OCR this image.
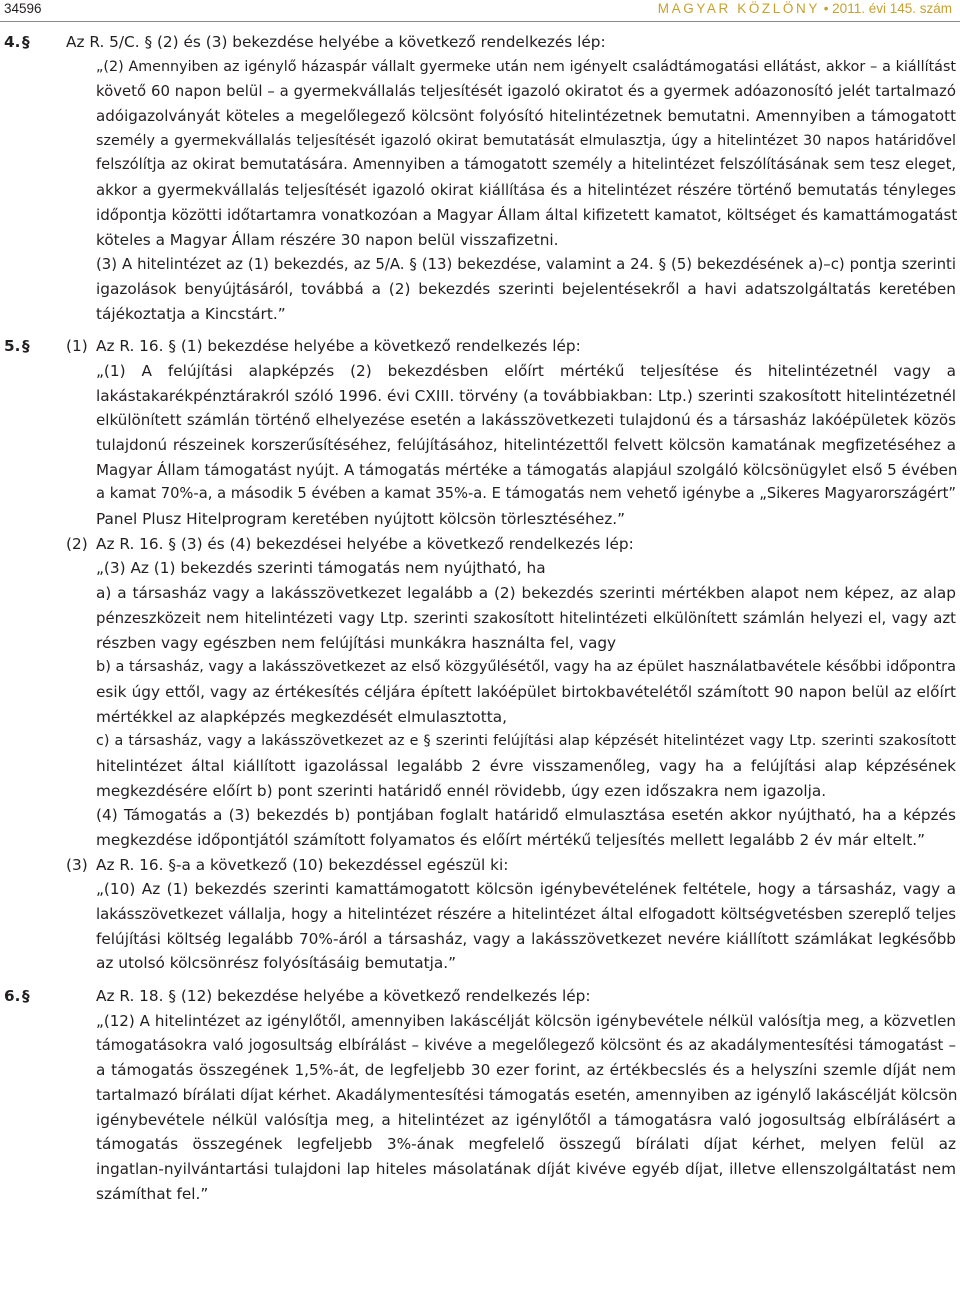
34596	MAGYAR KÖZLÖNY • 2011. évi 145. szám
4. § Az R. 5/C. § (2) és (3) bekezdése helyébe a következő rendelkezés lép:
„(2) Amennyiben az igénylő házaspár vállalt gyermeke után nem igényelt családtámogatási ellátást, akkor – a kiállítást
követő 60 napon belül – a gyermekvállalás teljesítését igazoló okiratot és a gyermek adóazonosító jelét tartalmazó
adóigazolványát köteles a megelőlegező kölcsönt folyósító hitelintézetnek bemutatni. Amennyiben a támogatott
személy a gyermekvállalás teljesítését igazoló okirat bemutatását elmulasztja, úgy a hitelintézet 30 napos határidővel
felszólítja az okirat bemutatására. Amennyiben a támogatott személy a hitelintézet felszólításának sem tesz eleget,
akkor a gyermekvállalás teljesítését igazoló okirat kiállítása és a hitelintézet részére történő bemutatás tényleges
időpontja közötti időtartamra vonatkozóan a Magyar Állam által kifizetett kamatot, költséget és kamattámogatást
köteles a Magyar Állam részére 30 napon belül visszafizetni.
(3) A hitelintézet az (1) bekezdés, az 5/A. § (13) bekezdése, valamint a 24. § (5) bekezdésének a)–c) pontja szerinti
igazolások benyújtásáról, továbbá a (2) bekezdés szerinti bejelentésekről a havi adatszolgáltatás keretében
tájékoztatja a Kincstárt.”
5. § (1) Az R. 16. § (1) bekezdése helyébe a következő rendelkezés lép:
„(1) A felújítási alapképzés (2) bekezdésben előírt mértékű teljesítése és hitelintézetnél vagy a
lakástakarékpénztárakról szóló 1996. évi CXIII. törvény (a továbbiakban: Ltp.) szerinti szakosított hitelintézetnél
elkülönített számlán történő elhelyezése esetén a lakásszövetkezeti tulajdonú és a társasház lakóépületek közös
tulajdonú részeinek korszerűsítéséhez, felújításához, hitelintézettől felvett kölcsön kamatának megfizetéséhez a
Magyar Állam támogatást nyújt. A támogatás mértéke a támogatás alapjául szolgáló kölcsönügylet első 5 évében
a kamat 70%-a, a második 5 évében a kamat 35%-a. E támogatás nem vehető igénybe a „Sikeres Magyarországért”
Panel Plusz Hitelprogram keretében nyújtott kölcsön törlesztéséhez.”
(2) Az R. 16. § (3) és (4) bekezdései helyébe a következő rendelkezés lép:
„(3) Az (1) bekezdés szerinti támogatás nem nyújtható, ha
a) a társasház vagy a lakásszövetkezet legalább a (2) bekezdés szerinti mértékben alapot nem képez, az alap
pénzeszközeit nem hitelintézeti vagy Ltp. szerinti szakosított hitelintézeti elkülönített számlán helyezi el, vagy azt
részben vagy egészben nem felújítási munkákra használta fel, vagy
b) a társasház, vagy a lakásszövetkezet az első közgyűlésétől, vagy ha az épület használatbavétele későbbi időpontra
esik úgy ettől, vagy az értékesítés céljára épített lakóépület birtokbavételétől számított 90 napon belül az előírt
mértékkel az alapképzés megkezdését elmulasztotta,
c) a társasház, vagy a lakásszövetkezet az e § szerinti felújítási alap képzését hitelintézet vagy Ltp. szerinti szakosított
hitelintézet által kiállított igazolással legalább 2 évre visszamenőleg, vagy ha a felújítási alap képzésének
megkezdésére előírt b) pont szerinti határidő ennél rövidebb, úgy ezen időszakra nem igazolja.
(4) Támogatás a (3) bekezdés b) pontjában foglalt határidő elmulasztása esetén akkor nyújtható, ha a képzés
megkezdése időpontjától számított folyamatos és előírt mértékű teljesítés mellett legalább 2 év már eltelt.”
(3) Az R. 16. §-a a következő (10) bekezdéssel egészül ki:
„(10) Az (1) bekezdés szerinti kamattámogatott kölcsön igénybevételének feltétele, hogy a társasház, vagy a
lakásszövetkezet vállalja, hogy a hitelintézet részére a hitelintézet által elfogadott költségvetésben szereplő teljes
felújítási költség legalább 70%-áról a társasház, vagy a lakásszövetkezet nevére kiállított számlákat legkésőbb
az utolsó kölcsönrész folyósításáig bemutatja.”
6. §	Az R. 18. § (12) bekezdése helyébe a következő rendelkezés lép:
„(12) A hitelintézet az igénylőtől, amennyiben lakáscélját kölcsön igénybevétele nélkül valósítja meg, a közvetlen
támogatásokra való jogosultság elbírálást – kivéve a megelőlegező kölcsönt és az akadálymentesítési támogatást –
a támogatás összegének 1,5%-át, de legfeljebb 30 ezer forint, az értékbecslés és a helyszíni szemle díját nem
tartalmazó bírálati díjat kérhet. Akadálymentesítési támogatás esetén, amennyiben az igénylő lakáscélját kölcsön
igénybevétele nélkül valósítja meg, a hitelintézet az igénylőtől a támogatásra való jogosultság elbírálásért a
támogatás összegének legfeljebb 3%-ának megfelelő összegű bírálati díjat kérhet, melyen felül az
ingatlan-nyilvántartási tulajdoni lap hiteles másolatának díját kivéve egyéb díjat, illetve ellenszolgáltatást nem
számíthat fel.”
